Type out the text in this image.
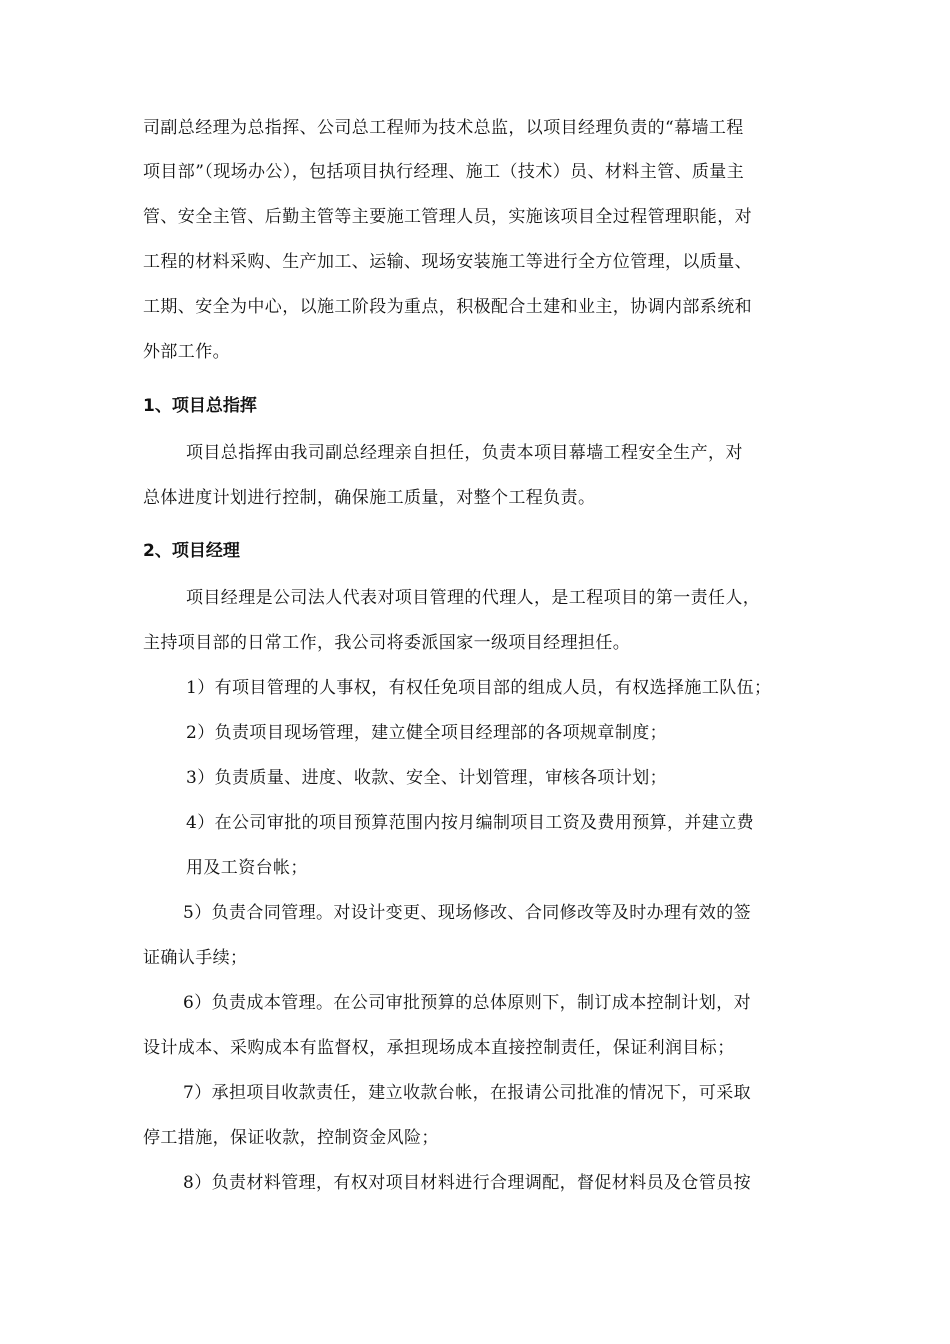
司副总经理为总指挥、公司总工程师为技术总监，以项目经理负责的“幕墙工程
项目部”（现场办公），包括项目执行经理、施工（技术）员、材料主管、质量主
管、安全主管、后勤主管等主要施工管理人员，实施该项目全过程管理职能，对
工程的材料采购、生产加工、运输、现场安装施工等进行全方位管理，以质量、
工期、安全为中心，以施工阶段为重点，积极配合土建和业主，协调内部系统和
外部工作。
1、项目总指挥
项目总指挥由我司副总经理亲自担任，负责本项目幕墙工程安全生产，对
总体进度计划进行控制，确保施工质量，对整个工程负责。
2、项目经理
项目经理是公司法人代表对项目管理的代理人，是工程项目的第一责任人，
主持项目部的日常工作，我公司将委派国家一级项目经理担任。
1）有项目管理的人事权，有权任免项目部的组成人员，有权选择施工队伍；
2）负责项目现场管理，建立健全项目经理部的各项规章制度；
3）负责质量、进度、收款、安全、计划管理，审核各项计划；
4）在公司审批的项目预算范围内按月编制项目工资及费用预算，并建立费
用及工资台帐；
5）负责合同管理。对设计变更、现场修改、合同修改等及时办理有效的签
证确认手续；
6）负责成本管理。在公司审批预算的总体原则下，制订成本控制计划，对
设计成本、采购成本有监督权，承担现场成本直接控制责任，保证利润目标；
7）承担项目收款责任，建立收款台帐，在报请公司批准的情况下，可采取
停工措施，保证收款，控制资金风险；
8）负责材料管理，有权对项目材料进行合理调配，督促材料员及仓管员按
